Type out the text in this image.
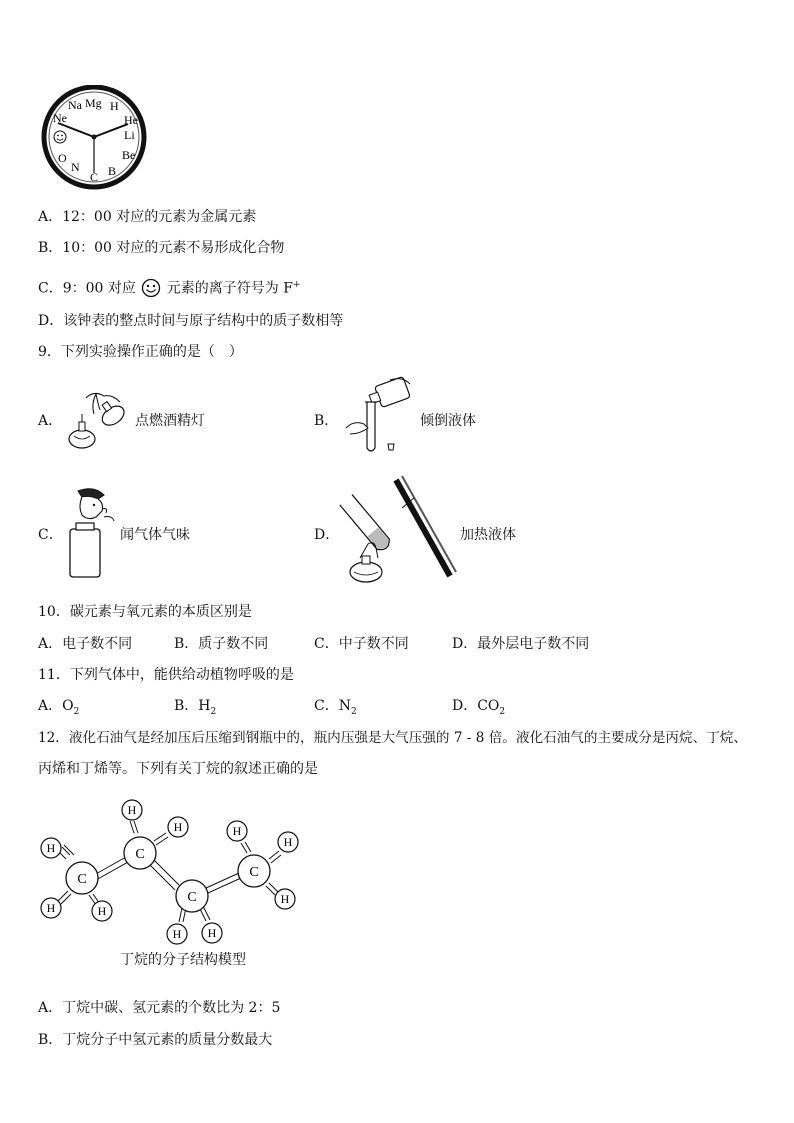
Mg H
He
Li
Be
B
C
N
O
Ne
Na
A．12：00 对应的元素为金属元素
B．10：00 对应的元素不易形成化合物
C．9：00 对应 元素的离子符号为 F+
D．该钟表的整点时间与原子结构中的质子数相等
9．下列实验操作正确的是（　）
A．	点燃酒精灯	B．	倾倒液体
C．	闻气体气味	D．	加热液体
10．碳元素与氧元素的本质区别是
A．电子数不同	B．质子数不同	C．中子数不同	D．最外层电子数不同
11．下列气体中，能供给动植物呼吸的是
A．$O_2$	B．$H_2$	C．$N_2$	D．$CO_2$
12．液化石油气是经加压后压缩到钢瓶中的，瓶内压强是大气压强的 7 - 8 倍。液化石油气的主要成分是丙烷、丁烷、
丙烯和丁烯等。下列有关丁烷的叙述正确的是
C
C
C
C
H
H	H
H
H
H H
H
H
H
丁烷的分子结构模型
A．丁烷中碳、氢元素的个数比为 2：5
B．丁烷分子中氢元素的质量分数最大
